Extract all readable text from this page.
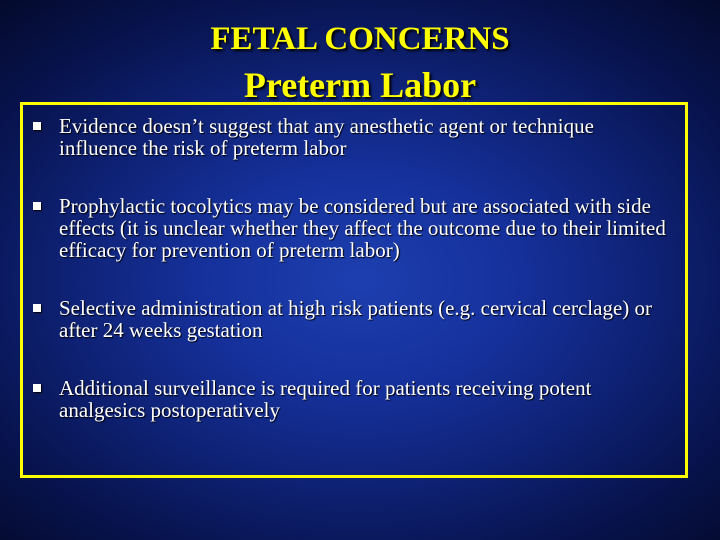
FETAL CONCERNS
Preterm Labor
Evidence doesn’t suggest that any anesthetic agent or technique influence the risk of preterm labor
Prophylactic tocolytics may be considered but are associated with side effects (it is unclear whether they affect the outcome due to their limited efficacy for prevention of preterm labor)
Selective administration at high risk patients (e.g. cervical cerclage) or after 24 weeks gestation
Additional surveillance is required for patients receiving potent analgesics postoperatively
